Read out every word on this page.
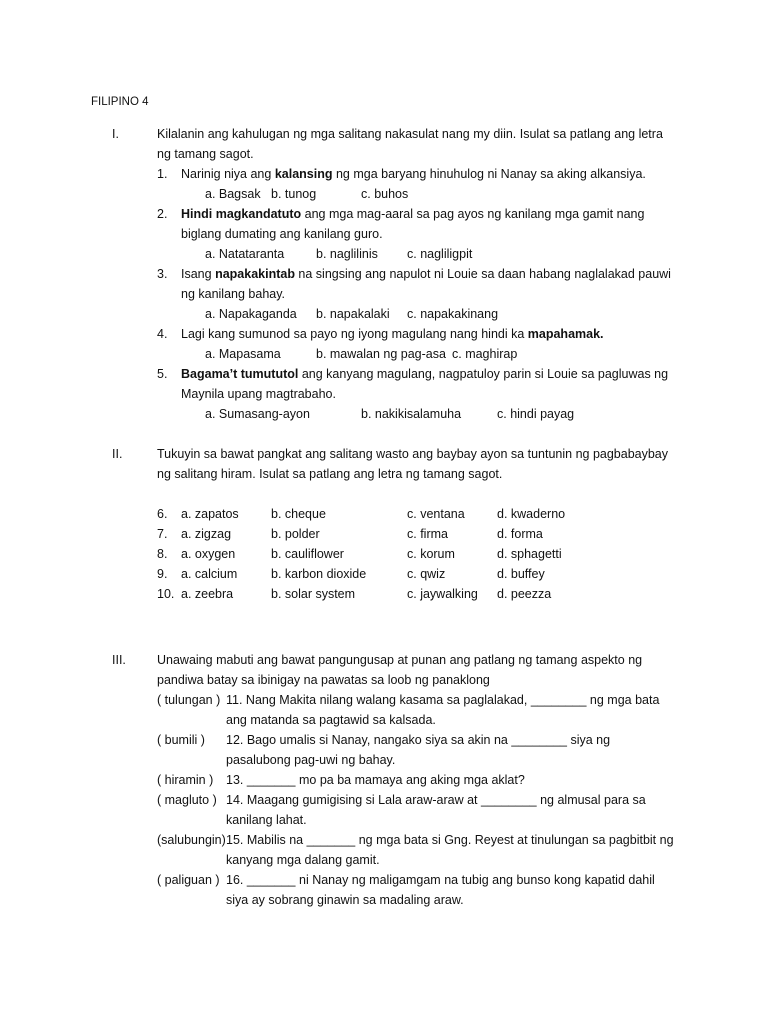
FILIPINO 4
I.	Kilalanin ang kahulugan ng mga salitang nakasulat nang my diin. Isulat sa patlang ang letra ng tamang sagot.
1. Narinig niya ang kalansing ng mga baryang hinuhulog ni Nanay sa aking alkansiya.
a. Bagsak b. tunog	c. buhos
2. Hindi magkandatuto ang mga mag-aaral sa pag ayos ng kanilang mga gamit nang biglang dumating ang kanilang guro.
a. Natataranta	b. naglilinis c. nagliligpit
3. Isang napakakintab na singsing ang napulot ni Louie sa daan habang naglalakad pauwi ng kanilang bahay.
a. Napakaganda b. napakalaki c. napakakinang
4. Lagi kang sumunod sa payo ng iyong magulang nang hindi ka mapahamak.
a. Mapasama	b. mawalan ng pag-asa c. maghirap
5. Bagama’t tumututol ang kanyang magulang, nagpatuloy parin si Louie sa pagluwas ng Maynila upang magtrabaho.
a. Sumasang-ayon	b. nakikisalamuha	c. hindi payag
II.	Tukuyin sa bawat pangkat ang salitang wasto ang baybay ayon sa tuntunin ng pagbabaybay ng salitang hiram. Isulat sa patlang ang letra ng tamang sagot.
6. a. zapatos	b. cheque	c. ventana	d. kwaderno
7. a. zigzag	b. polder	c. firma	d. forma
8. a. oxygen	b. cauliflower	c. korum	d. sphagetti
9. a. calcium	b. karbon dioxide	c. qwiz	d. buffey
10. a. zeebra	b. solar system	c. jaywalking d. peezza
III. Unawaing mabuti ang bawat pangungusap at punan ang patlang ng tamang aspekto ng pandiwa batay sa ibinigay na pawatas sa loob ng panaklong
( tulungan ) 11. Nang Makita nilang walang kasama sa paglalakad, ________ ng mga bata ang matanda sa pagtawid sa kalsada.
( bumili ) 12. Bago umalis si Nanay, nangako siya sa akin na ________ siya ng pasalubong pag-uwi ng bahay.
( hiramin ) 13. _______ mo pa ba mamaya ang aking mga aklat?
( magluto ) 14. Maagang gumigising si Lala araw-araw at ________ ng almusal para sa kanilang lahat.
(salubungin) 15. Mabilis na _______ ng mga bata si Gng. Reyest at tinulungan sa pagbitbit ng kanyang mga dalang gamit.
( paliguan ) 16. _______ ni Nanay ng maligamgam na tubig ang bunso kong kapatid dahil siya ay sobrang ginawin sa madaling araw.
